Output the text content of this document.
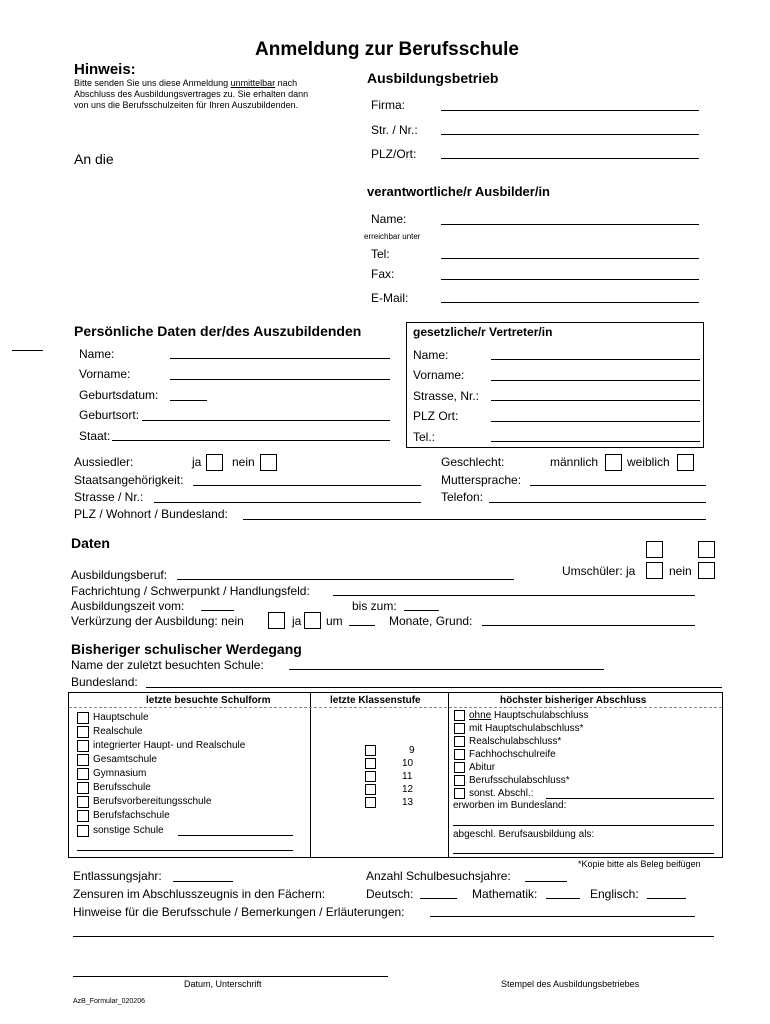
Anmeldung zur Berufsschule
Hinweis:
Bitte senden Sie uns diese Anmeldung unmittelbar nach
Abschluss des Ausbildungsvertrages zu. Sie erhalten dann
von uns die Berufsschulzeiten für Ihren Auszubildenden.
An die
Ausbildungsbetrieb
Firma:
Str. / Nr.:
PLZ/Ort:
verantwortliche/r Ausbilder/in
Name:
erreichbar unter
Tel:
Fax:
E-Mail:
Persönliche Daten der/des Auszubildenden
Name:
Vorname:
Geburtsdatum:
Geburtsort:
Staat:
gesetzliche/r Vertreter/in
Name:
Vorname:
Strasse, Nr.:
PLZ Ort:
Tel.:
Aussiedler:	ja	nein	Geschlecht:	männlich weiblich
Staatsangehörigkeit:	Muttersprache:
Strasse / Nr.:	Telefon:
PLZ / Wohnort / Bundesland:
Daten
Ausbildungsberuf:	Umschüler: ja	nein
Fachrichtung / Schwerpunkt / Handlungsfeld:
Ausbildungszeit vom:	bis zum:
Verkürzung der Ausbildung: nein	ja um	Monate, Grund:
Bisheriger schulischer Werdegang
Name der zuletzt besuchten Schule:
Bundesland:
letzte besuchte Schulform	letzte Klassenstufe	höchster bisheriger Abschluss
Hauptschule
Realschule
integrierter Haupt- und Realschule
Gesamtschule
Gymnasium
Berufsschule
Berufsvorbereitungsschule
Berufsfachschule
sonstige Schule
9
10
11
12
13
ohne Hauptschulabschluss
mit Hauptschulabschluss*
Realschulabschluss*
Fachhochschulreife
Abitur
Berufsschulabschluss*
sonst. Abschl.:
erworben im Bundesland:
abgeschl. Berufsausbildung als:
*Kopie bitte als Beleg beifügen
Entlassungsjahr:	Anzahl Schulbesuchsjahre:
Zensuren im Abschlusszeugnis in den Fächern:	Deutsch:	Mathematik:	Englisch:
Hinweise für die Berufsschule / Bemerkungen / Erläuterungen:
Datum, Unterschrift	Stempel des Ausbildungsbetriebes
AzB_Formular_020206
